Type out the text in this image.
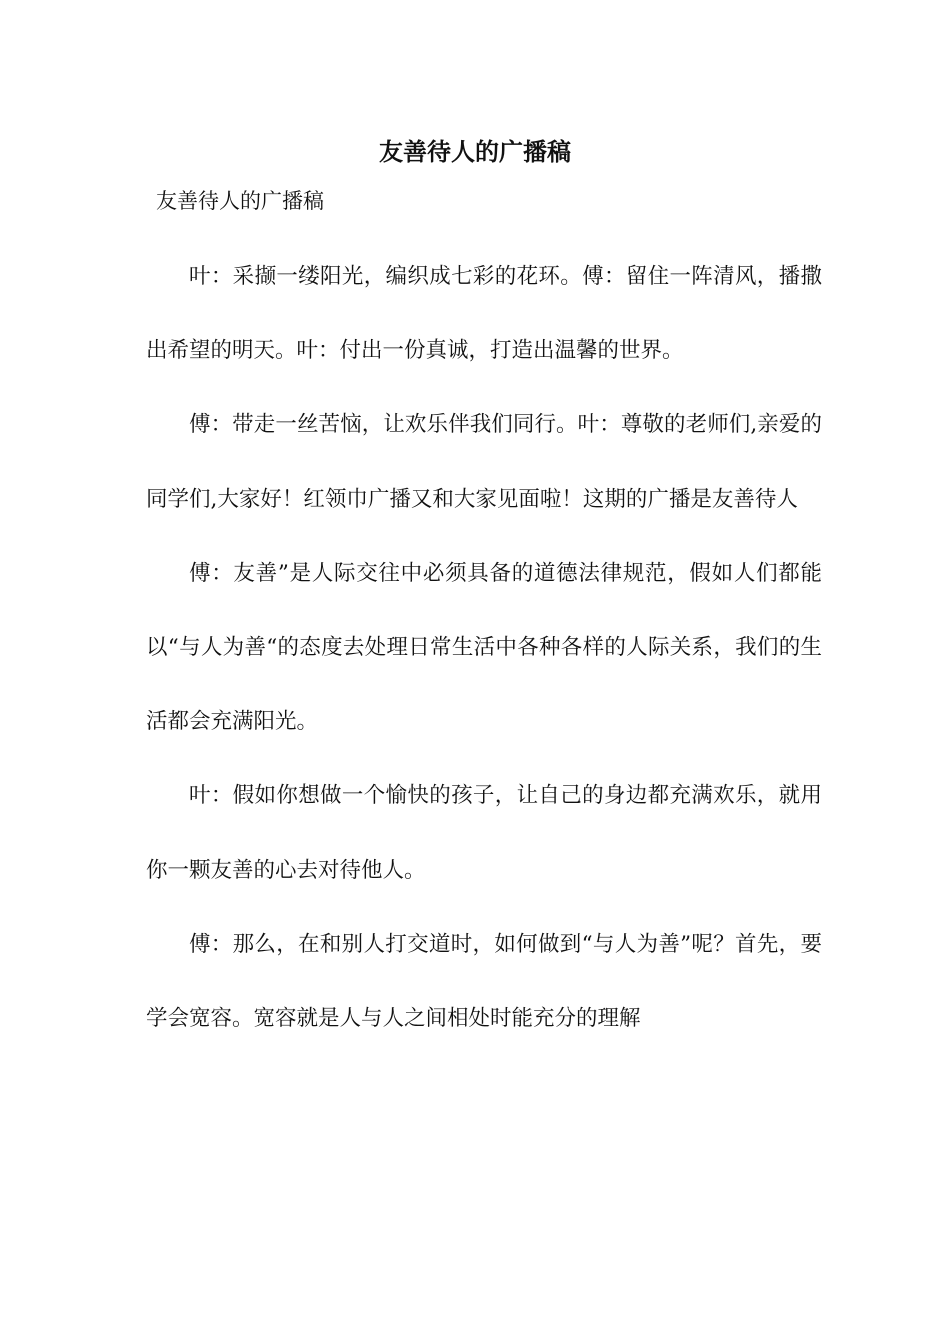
友善待人的广播稿

友善待人的广播稿

叶：采撷一缕阳光，编织成七彩的花环。傅：留住一阵清风，播撒出希望的明天。叶：付出一份真诚，打造出温馨的世界。

傅：带走一丝苦恼，让欢乐伴我们同行。叶：尊敬的老师们,亲爱的同学们,大家好！红领巾广播又和大家见面啦！这期的广播是友善待人

傅：友善”是人际交往中必须具备的道德法律规范，假如人们都能以“与人为善“的态度去处理日常生活中各种各样的人际关系，我们的生活都会充满阳光。

叶：假如你想做一个愉快的孩子，让自己的身边都充满欢乐，就用你一颗友善的心去对待他人。

傅：那么，在和别人打交道时，如何做到“与人为善”呢？首先，要学会宽容。宽容就是人与人之间相处时能充分的理解
